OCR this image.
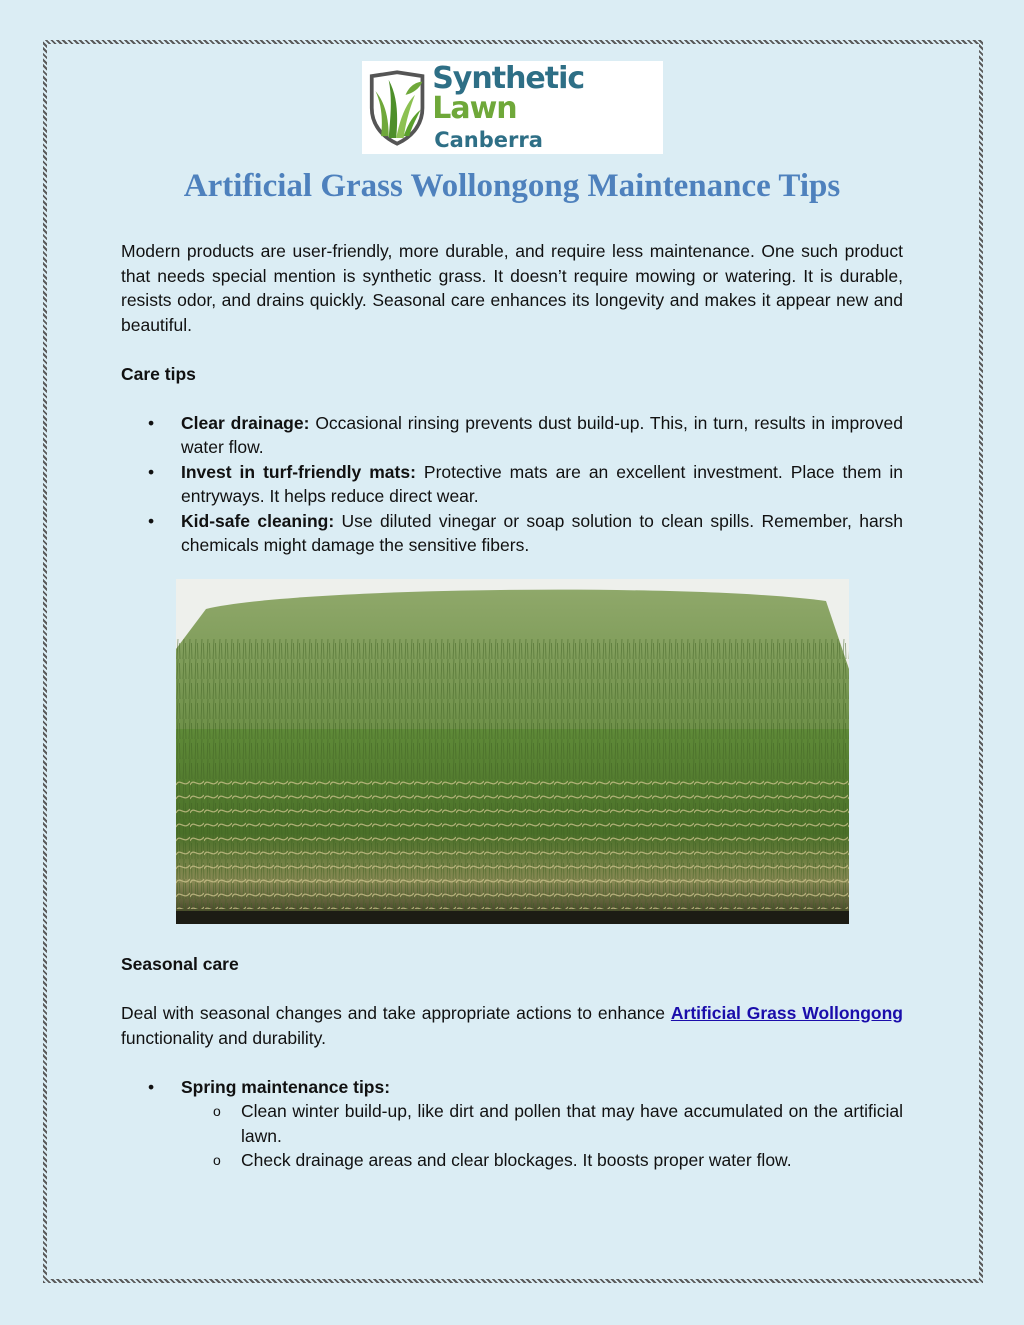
Synthetic Lawn
Canberra
Artificial Grass Wollongong Maintenance Tips

Modern products are user-friendly, more durable, and require less maintenance. One such product that needs special mention is synthetic grass. It doesn’t require mowing or watering. It is durable, resists odor, and drains quickly. Seasonal care enhances its longevity and makes it appear new and beautiful.

Care tips
• Clear drainage: Occasional rinsing prevents dust build-up. This, in turn, results in improved water flow.
• Invest in turf-friendly mats: Protective mats are an excellent investment. Place them in entryways. It helps reduce direct wear.
• Kid-safe cleaning: Use diluted vinegar or soap solution to clean spills. Remember, harsh chemicals might damage the sensitive fibers.
Seasonal care

Deal with seasonal changes and take appropriate actions to enhance Artificial Grass Wollongong functionality and durability.

• Spring maintenance tips:
o Clean winter build-up, like dirt and pollen that may have accumulated on the artificial lawn.
o Check drainage areas and clear blockages. It boosts proper water flow.
